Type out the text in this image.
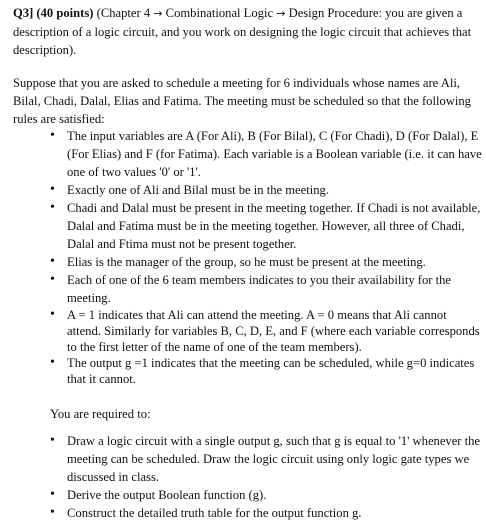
Q3] (40 points) (Chapter 4 → Combinational Logic → Design Procedure: you are given a description of a logic circuit, and you work on designing the logic circuit that achieves that description).
Suppose that you are asked to schedule a meeting for 6 individuals whose names are Ali, Bilal, Chadi, Dalal, Elias and Fatima. The meeting must be scheduled so that the following rules are satisfied:
• The input variables are A (For Ali), B (For Bilal), C (For Chadi), D (For Dalal), E (For Elias) and F (for Fatima). Each variable is a Boolean variable (i.e. it can have one of two values '0' or '1'.
• Exactly one of Ali and Bilal must be in the meeting.
• Chadi and Dalal must be present in the meeting together. If Chadi is not available, Dalal and Fatima must be in the meeting together. However, all three of Chadi, Dalal and Ftima must not be present together.
• Elias is the manager of the group, so he must be present at the meeting.
• Each of one of the 6 team members indicates to you their availability for the meeting.
• A = 1 indicates that Ali can attend the meeting. A = 0 means that Ali cannot attend. Similarly for variables B, C, D, E, and F (where each variable corresponds to the first letter of the name of one of the team members).
• The output g =1 indicates that the meeting can be scheduled, while g=0 indicates that it cannot.
You are required to:
• Draw a logic circuit with a single output g, such that g is equal to '1' whenever the meeting can be scheduled. Draw the logic circuit using only logic gate types we discussed in class.
• Derive the output Boolean function (g).
• Construct the detailed truth table for the output function g.
